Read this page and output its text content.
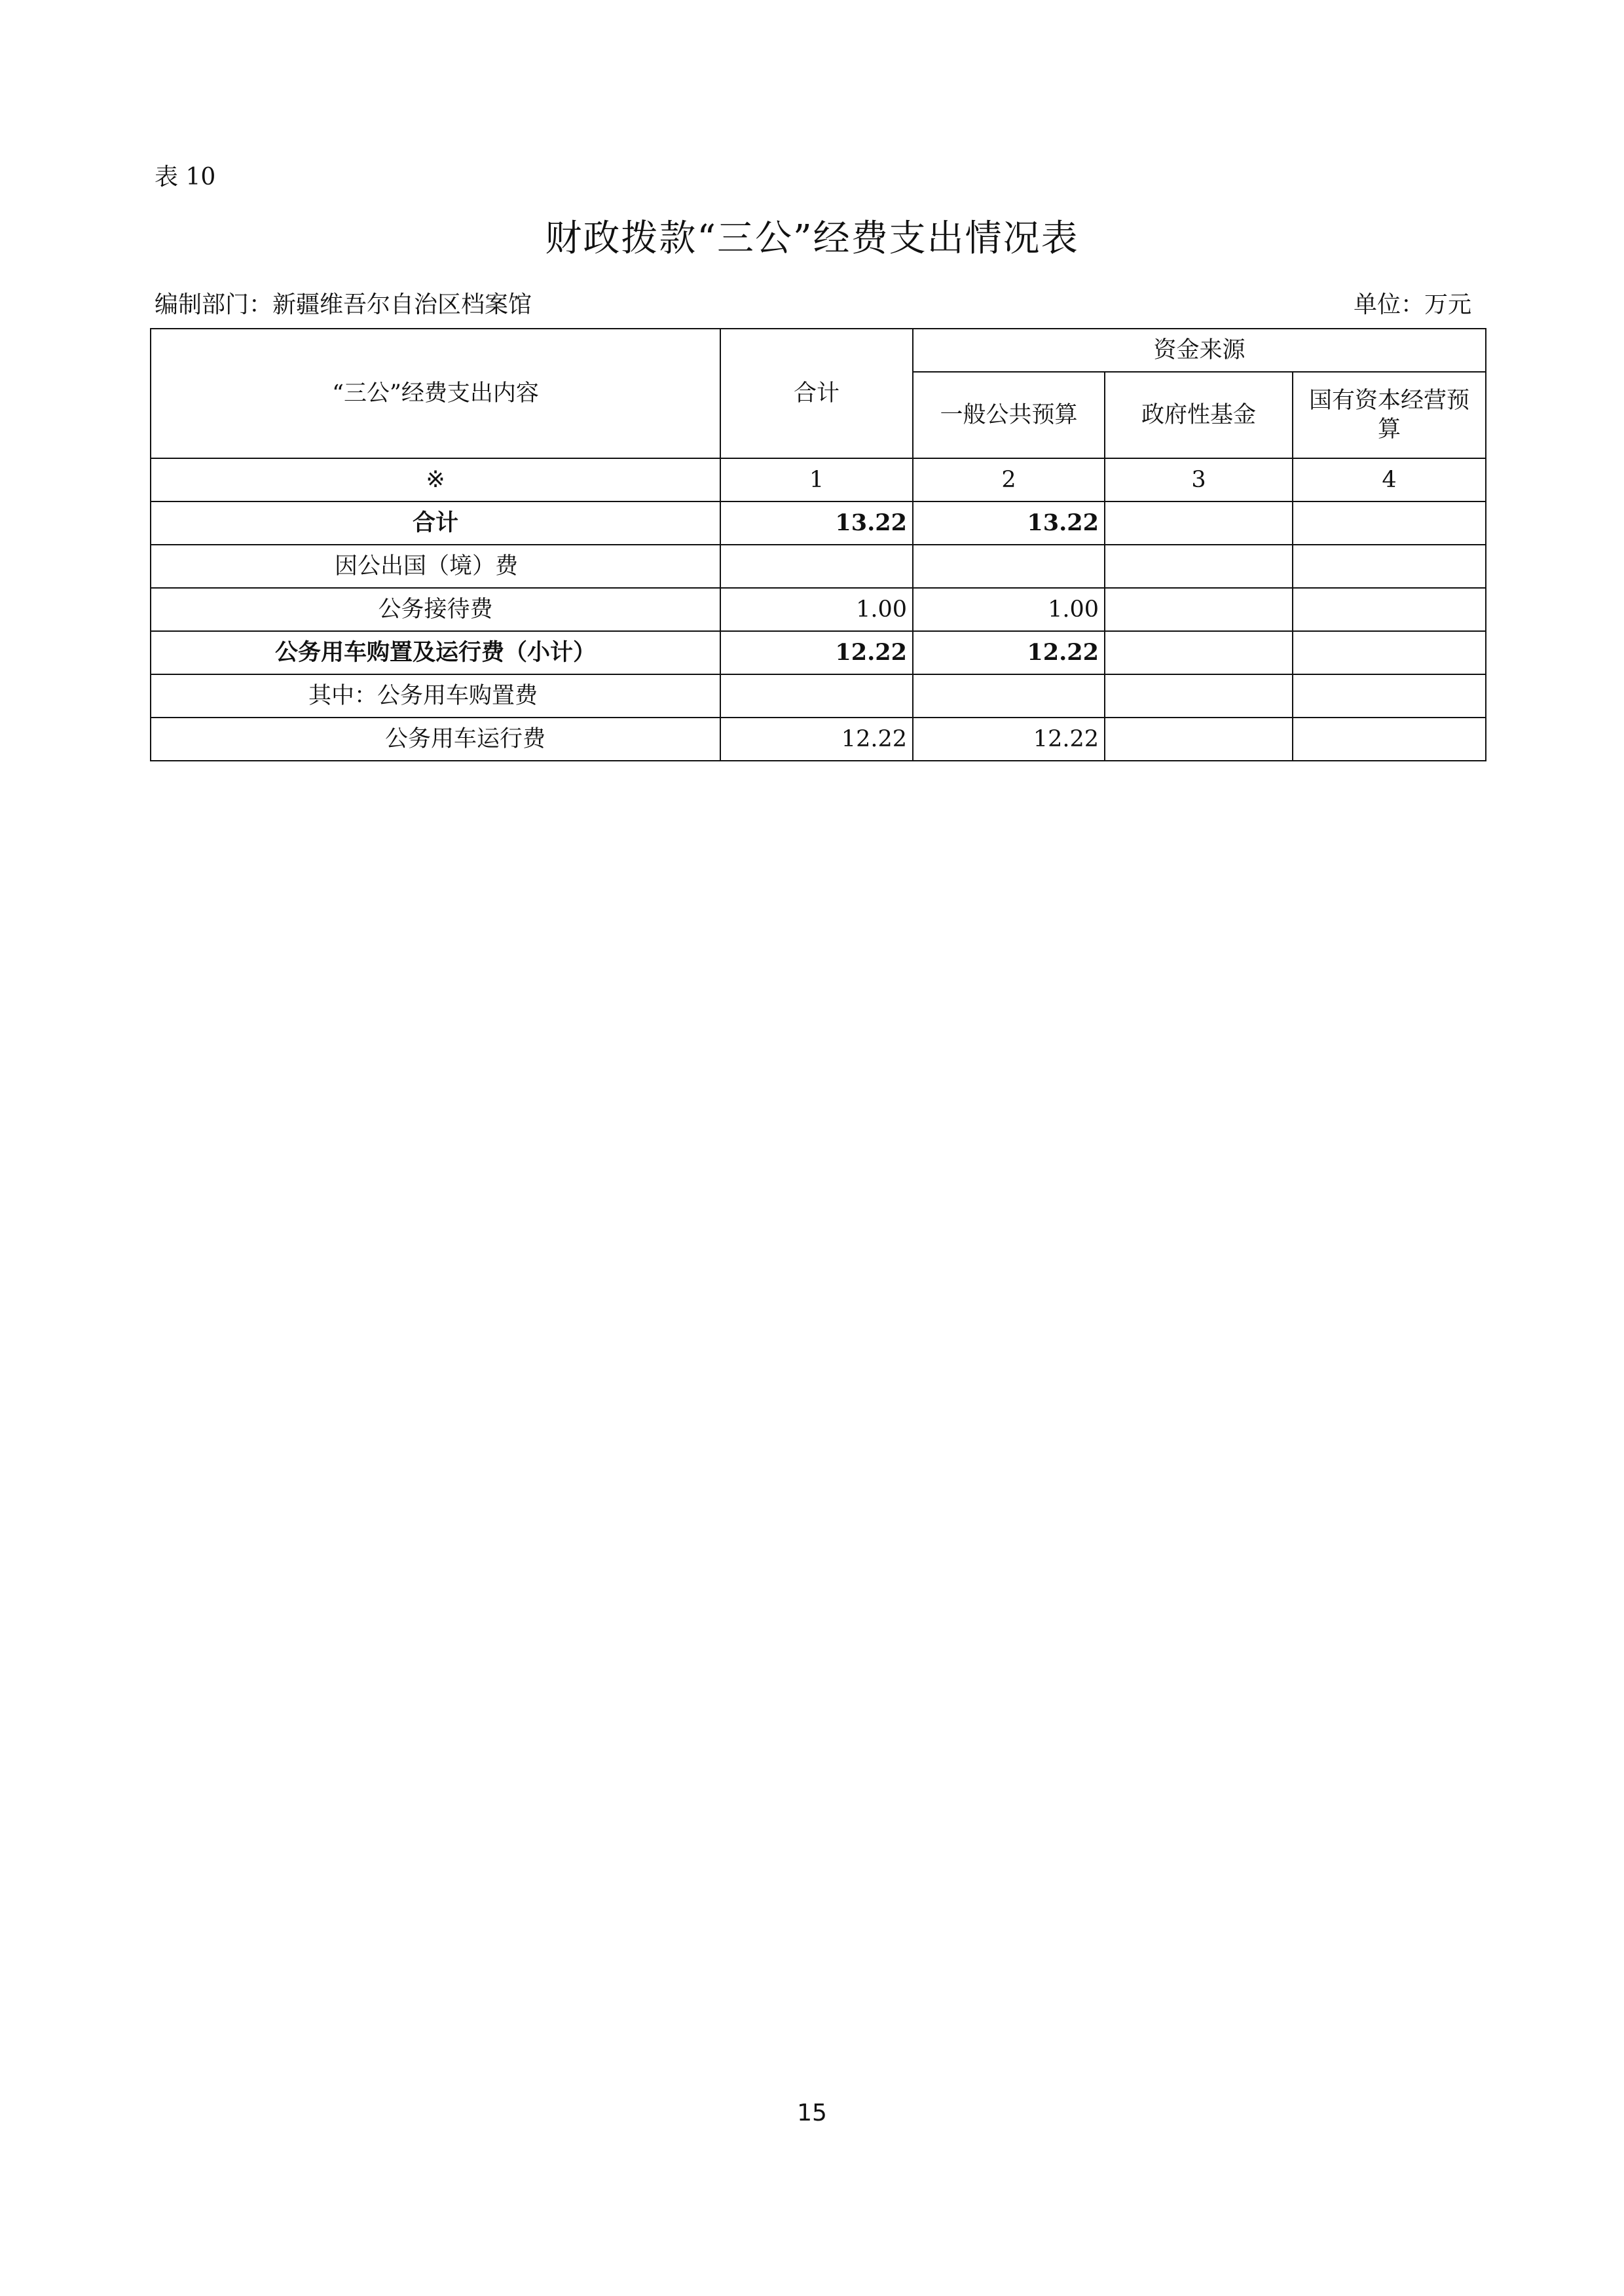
表 10
财政拨款“三公”经费支出情况表
编制部门：新疆维吾尔自治区档案馆	单位：万元
“三公”经费支出内容	合计	资金来源		
		一般公共预算	政府性基金	国有资本经营预算
※	1	2	3	4
合计	13.22	13.22		
因公出国（境）费				
公务接待费	1.00	1.00		
公务用车购置及运行费（小计）	12.22	12.22		
其中：公务用车购置费				
公务用车运行费	12.22	12.22		
15
